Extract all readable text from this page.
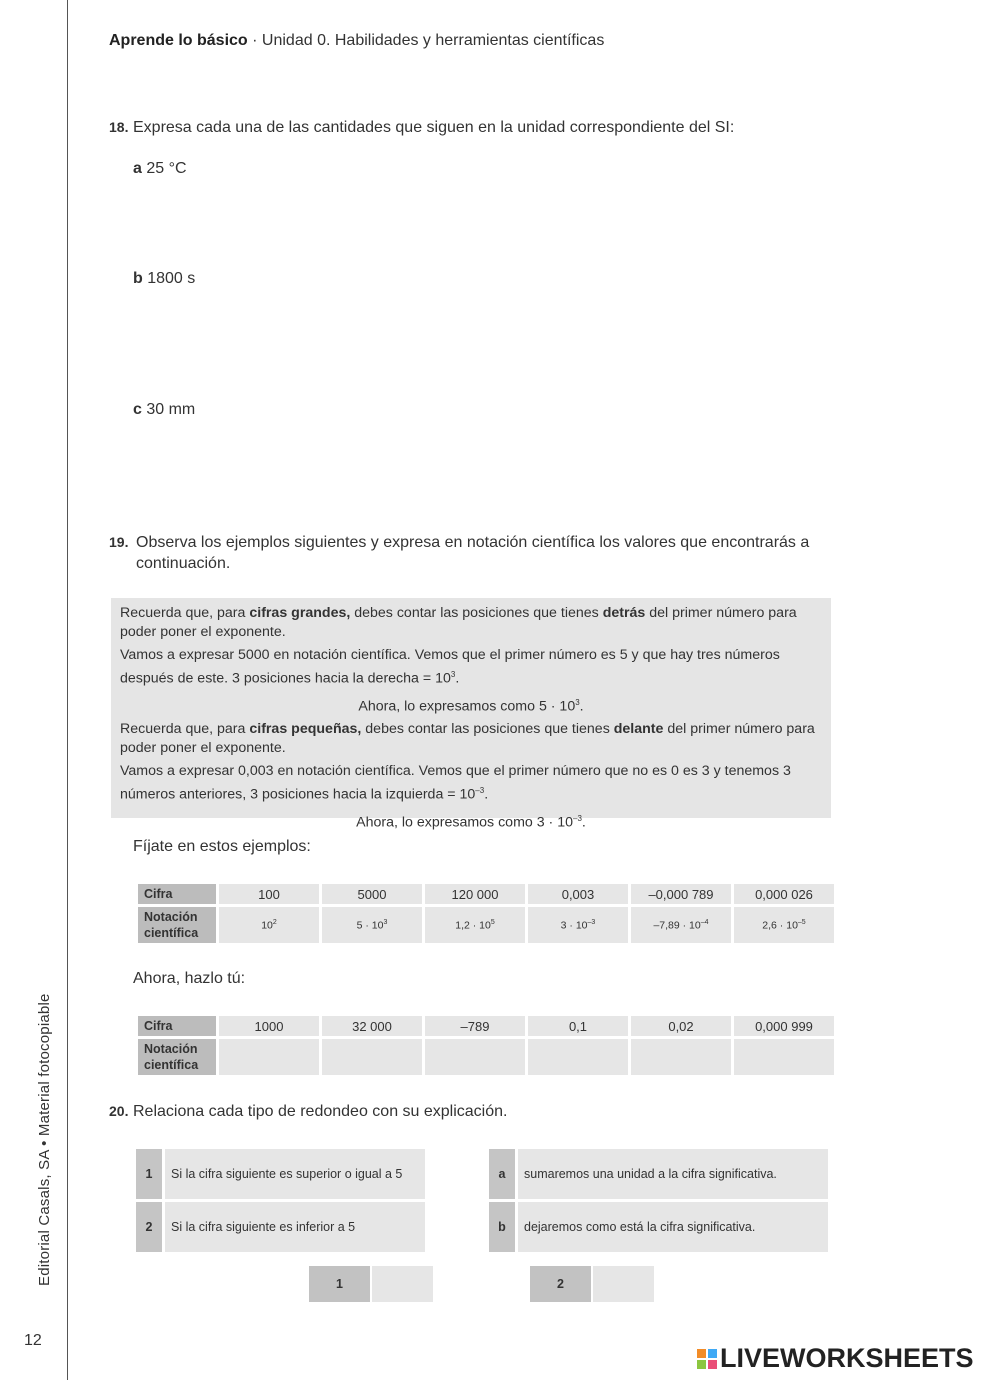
Editorial Casals, SA • Material fotocopiable
12
Aprende lo básico · Unidad 0. Habilidades y herramientas científicas
18. Expresa cada una de las cantidades que siguen en la unidad correspondiente del SI:
a 25 °C
b 1800 s
c 30 mm
19. Observa los ejemplos siguientes y expresa en notación científica los valores que encontrarás a continuación.

Recuerda que, para cifras grandes, debes contar las posiciones que tienes detrás del primer número para poder poner el exponente.

Vamos a expresar 5000 en notación científica. Vemos que el primer número es 5 y que hay tres números después de este. 3 posiciones hacia la derecha = $10^3$.

Ahora, lo expresamos como $5 \cdot 10^3$.

Recuerda que, para cifras pequeñas, debes contar las posiciones que tienes delante del primer número para poder poner el exponente.

Vamos a expresar 0,003 en notación científica. Vemos que el primer número que no es 0 es 3 y tenemos 3 números anteriores, 3 posiciones hacia la izquierda = $10^{-3}$.

Ahora, lo expresamos como $3 \cdot 10^{-3}$.

Fíjate en estos ejemplos:
Cifra	100	5000	120 000	0,003	–0,000 789	0,000 026
Notación científica	$10^2$	$5 \cdot 10^3$	$1,2 \cdot 10^5$	$3 \cdot 10^{-3}$	$-7,89 \cdot 10^{-4}$	$2,6 \cdot 10^{-5}$
Ahora, hazlo tú:
Cifra	1000	32 000	–789	0,1	0,02	0,000 999
Notación científica						
20. Relaciona cada tipo de redondeo con su explicación.
1	Si la cifra siguiente es superior o igual a 5
2	Si la cifra siguiente es inferior a 5
a	sumaremos una unidad a la cifra significativa.
b	dejaremos como está la cifra significativa.
1		2	
LIVEWORKSHEETS
